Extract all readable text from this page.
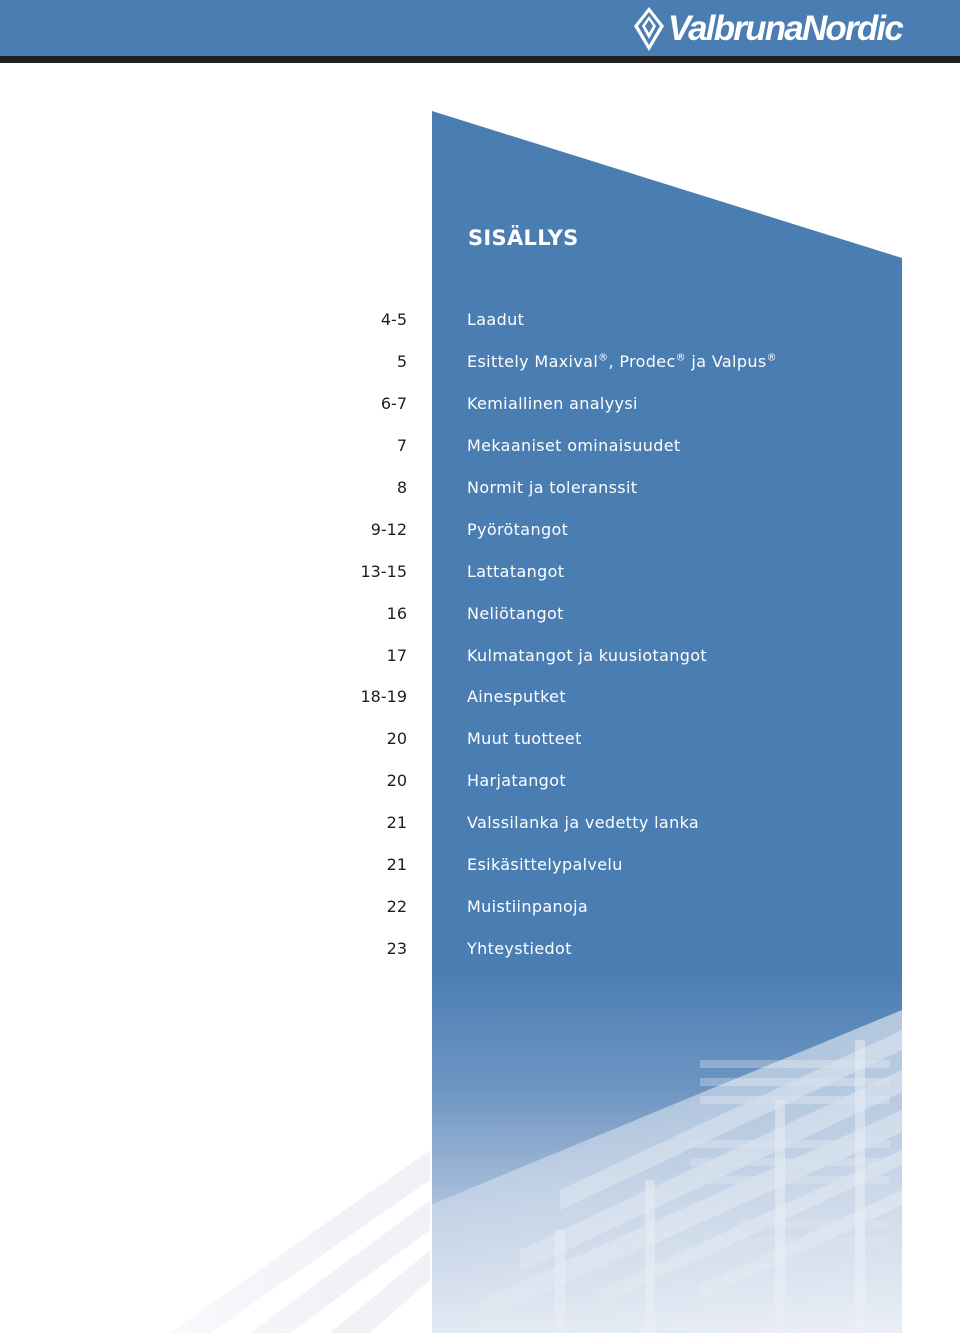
Valbruna Nordic
SISÄLLYS
4-5	Laadut
5	Esittely Maxival®, Prodec® ja Valpus®
6-7	Kemiallinen analyysi
7	Mekaaniset ominaisuudet
8	Normit ja toleranssit
9-12	Pyörötangot
13-15	Lattatangot
16	Neliötangot
17	Kulmatangot ja kuusiotangot
18-19	Ainesputket
20	Muut tuotteet
20	Harjatangot
21	Valssilanka ja vedetty lanka
21	Esikäsittelypalvelu
22	Muistiinpanoja
23	Yhteystiedot
